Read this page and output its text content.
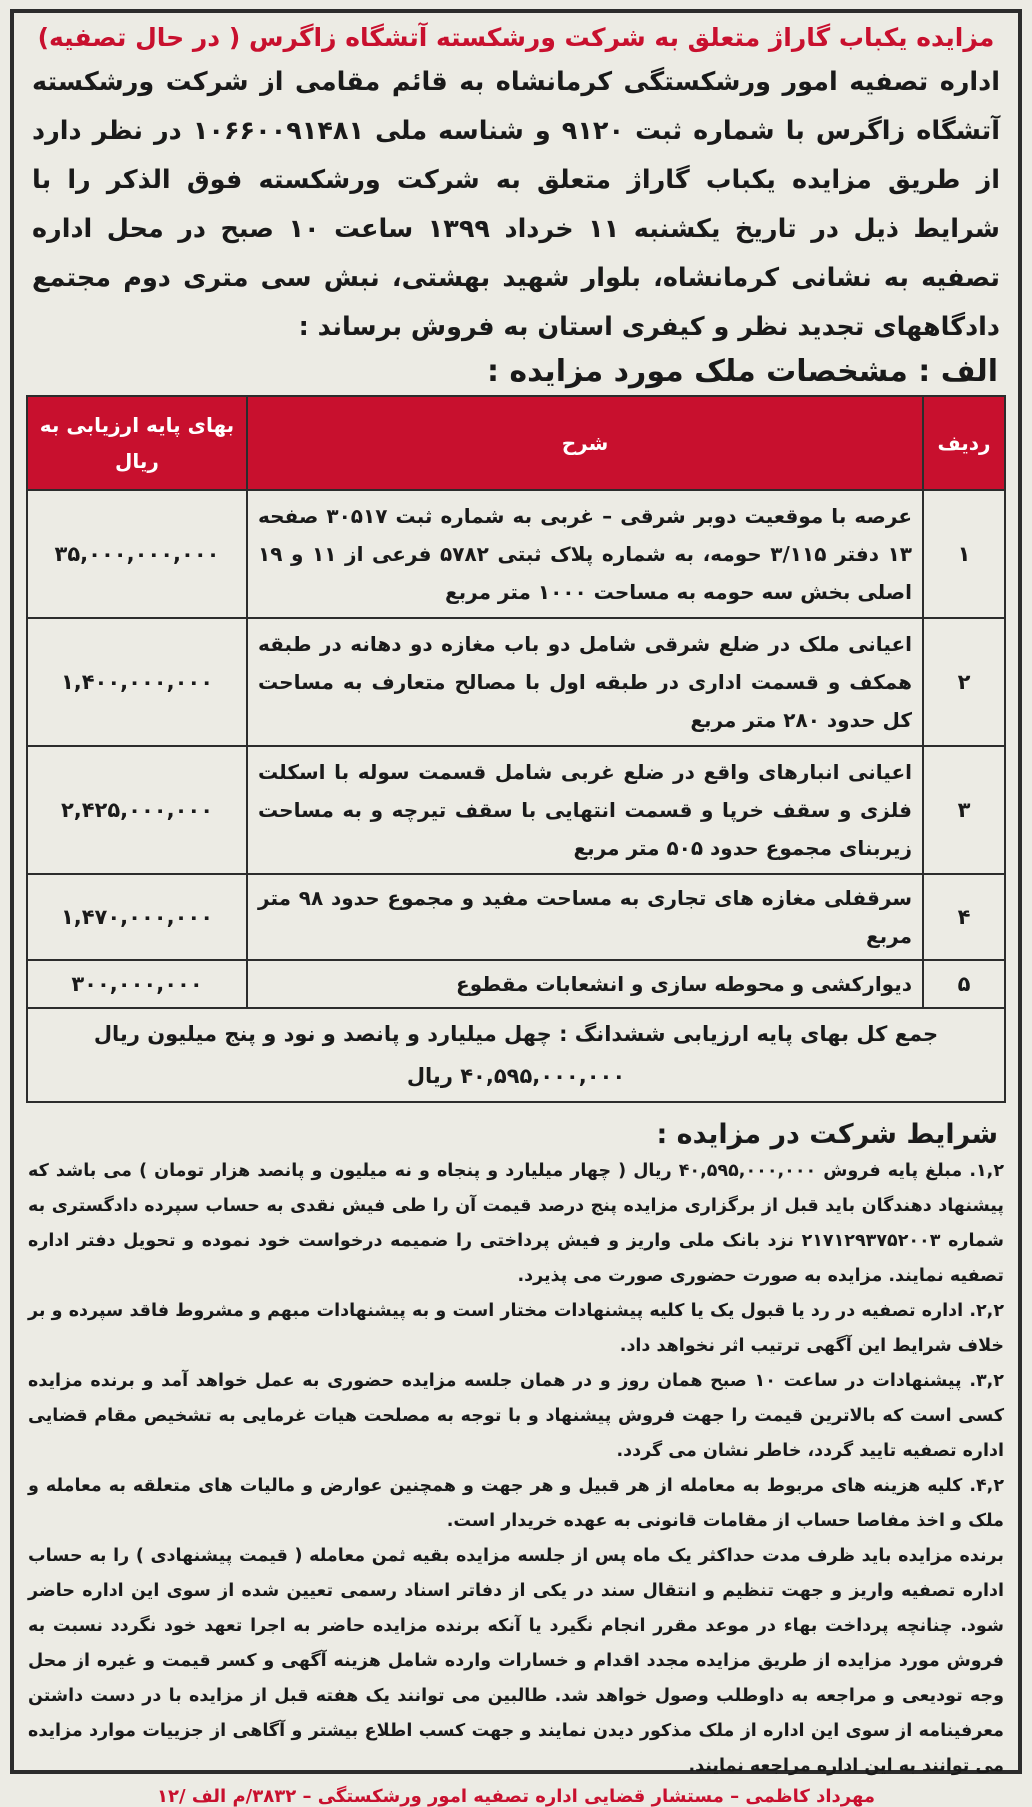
مزایده یکباب گاراژ متعلق به شرکت ورشکسته آتشگاه زاگرس ( در حال تصفیه)
اداره تصفیه امور ورشکستگی کرمانشاه به قائم مقامی از شرکت ورشکسته آتشگاه زاگرس با شماره ثبت ۹۱۲۰ و شناسه ملی ۱۰۶۶۰۰۹۱۴۸۱ در نظر دارد از طریق مزایده یکباب گاراژ متعلق به شرکت ورشکسته فوق الذکر را با شرایط ذیل در تاریخ یکشنبه ۱۱ خرداد ۱۳۹۹ ساعت ۱۰ صبح در محل اداره تصفیه به نشانی کرمانشاه، بلوار شهید بهشتی، نبش سی متری دوم مجتمع دادگاههای تجدید نظر و کیفری استان به فروش برساند :
الف : مشخصات ملک مورد مزایده :
ردیف	شرح	بهای پایه ارزیابی به ریال
۱	عرصه با موقعیت دوبر شرقی – غربی به شماره ثبت ۳۰۵۱۷ صفحه ۱۳ دفتر ۳/۱۱۵ حومه، به شماره پلاک ثبتی ۵۷۸۲ فرعی از ۱۱ و ۱۹ اصلی بخش سه حومه به مساحت ۱۰۰۰ متر مربع	۳۵,۰۰۰,۰۰۰,۰۰۰
۲	اعیانی ملک در ضلع شرقی شامل دو باب مغازه دو دهانه در طبقه همکف و قسمت اداری در طبقه اول با مصالح متعارف به مساحت کل حدود ۲۸۰ متر مربع	۱,۴۰۰,۰۰۰,۰۰۰
۳	اعیانی انبارهای واقع در ضلع غربی شامل قسمت سوله با اسکلت فلزی و سقف خرپا و قسمت انتهایی با سقف تیرچه و به مساحت زیربنای مجموع حدود ۵۰۵ متر مربع	۲,۴۲۵,۰۰۰,۰۰۰
۴	سرقفلی مغازه های تجاری به مساحت مفید و مجموع حدود ۹۸ متر مربع	۱,۴۷۰,۰۰۰,۰۰۰
۵	دیوارکشی و محوطه سازی و انشعابات مقطوع	۳۰۰,۰۰۰,۰۰۰

جمع کل بهای پایه ارزیابی ششدانگ : چهل میلیارد و پانصد و نود و پنج میلیون ریال
۴۰,۵۹۵,۰۰۰,۰۰۰ ریال		
شرایط شرکت در مزایده :
۱,۲. مبلغ پایه فروش ۴۰,۵۹۵,۰۰۰,۰۰۰ ریال ( چهار میلیارد و پنجاه و نه میلیون و پانصد هزار تومان ) می باشد که پیشنهاد دهندگان باید قبل از برگزاری مزایده پنج درصد قیمت آن را طی فیش نقدی به حساب سپرده دادگستری به شماره ۲۱۷۱۲۹۳۷۵۲۰۰۳ نزد بانک ملی واریز و فیش پرداختی را ضمیمه درخواست خود نموده و تحویل دفتر اداره تصفیه نمایند. مزایده به صورت حضوری صورت می پذیرد.
۲,۲. اداره تصفیه در رد یا قبول یک یا کلیه پیشنهادات مختار است و به پیشنهادات مبهم و مشروط فاقد سپرده و بر خلاف شرایط این آگهی ترتیب اثر نخواهد داد.
۳,۲. پیشنهادات در ساعت ۱۰ صبح همان روز و در همان جلسه مزایده حضوری به عمل خواهد آمد و برنده مزایده کسی است که بالاترین قیمت را جهت فروش پیشنهاد و با توجه به مصلحت هیات غرمایی به تشخیص مقام قضایی اداره تصفیه تایید گردد، خاطر نشان می گردد.
۴,۲. کلیه هزینه های مربوط به معامله از هر قبیل و هر جهت و همچنین عوارض و مالیات های متعلقه به معامله و ملک و اخذ مفاصا حساب از مقامات قانونی به عهده خریدار است.
برنده مزایده باید ظرف مدت حداکثر یک ماه پس از جلسه مزایده بقیه ثمن معامله ( قیمت پیشنهادی ) را به حساب اداره تصفیه واریز و جهت تنظیم و انتقال سند در یکی از دفاتر اسناد رسمی تعیین شده از سوی این اداره حاضر شود. چنانچه پرداخت بهاء در موعد مقرر انجام نگیرد یا آنکه برنده مزایده حاضر به اجرا تعهد خود نگردد نسبت به فروش مورد مزایده از طریق مزایده مجدد اقدام و خسارات وارده شامل هزینه آگهی و کسر قیمت و غیره از محل وجه تودیعی و مراجعه به داوطلب وصول خواهد شد. طالبین می توانند یک هفته قبل از مزایده با در دست داشتن معرفینامه از سوی این اداره از ملک مذکور دیدن نمایند و جهت کسب اطلاع بیشتر و آگاهی از جزییات موارد مزایده می توانند به این اداره مراجعه نمایند.
مهرداد کاظمی – مستشار قضایی اداره تصفیه امور ورشکستگی – ۳۸۳۲/م الف /۱۲
